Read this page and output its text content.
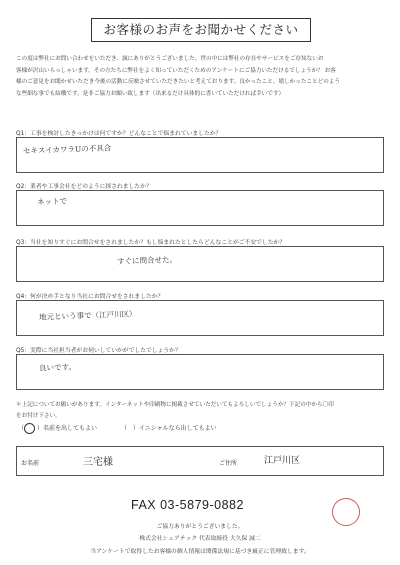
お客様のお声をお聞かせください
この度は弊社にお問い合わせをいただき、誠にありがとうございました。世の中には弊社の存在やサービスをご存知ないお
客様が沢山いらっしゃいます。その方たちに弊社をよく知っていただくためのアンケートにご協力いただけるでしょうか？ お客
様のご意見をお聞かせいただき今後の活動に反映させていただきたいと考えております。良かったこと、嬉しかったことどのよう
な些細な事でも結構です。是非ご協力お願い致します（出来るだけ具体的に書いていただければ幸いです）
Q1：工事を検討したきっかけは何ですか？どんなことで悩まれていましたか？
セキスイカワラUの不具合
Q2：業者や工事会社をどのように探されましたか？
ネットで
Q3：当社を知りすぐにお問合せをされましたか？もし悩まれたとしたらどんなことがご不安でしたか？
すぐに問合せた。
Q4：何が決め手となり当社にお問合せをされましたか？
地元という事で（江戸川区）
Q5：実際に当社担当者がお伺いしていかがでしたでしょうか？
良いです。
＊上記についてお願いがあります。インターネットや印刷物に掲載させていただいてもよろしいでしょうか？下記の中から〇印
をお付け下さい。
（○ ）名前を出してもよい	（　）イニシャルなら出してもよい
お名前	三宅様	ご住所	江戸川区
FAX 03-5879-0882
ご協力ありがとうございました。
株式会社シェアテック 代表取締役 大久保 誠二
当アンケートで取得したお客様の個人情報は関係法規に基づき厳正に管理致します。
